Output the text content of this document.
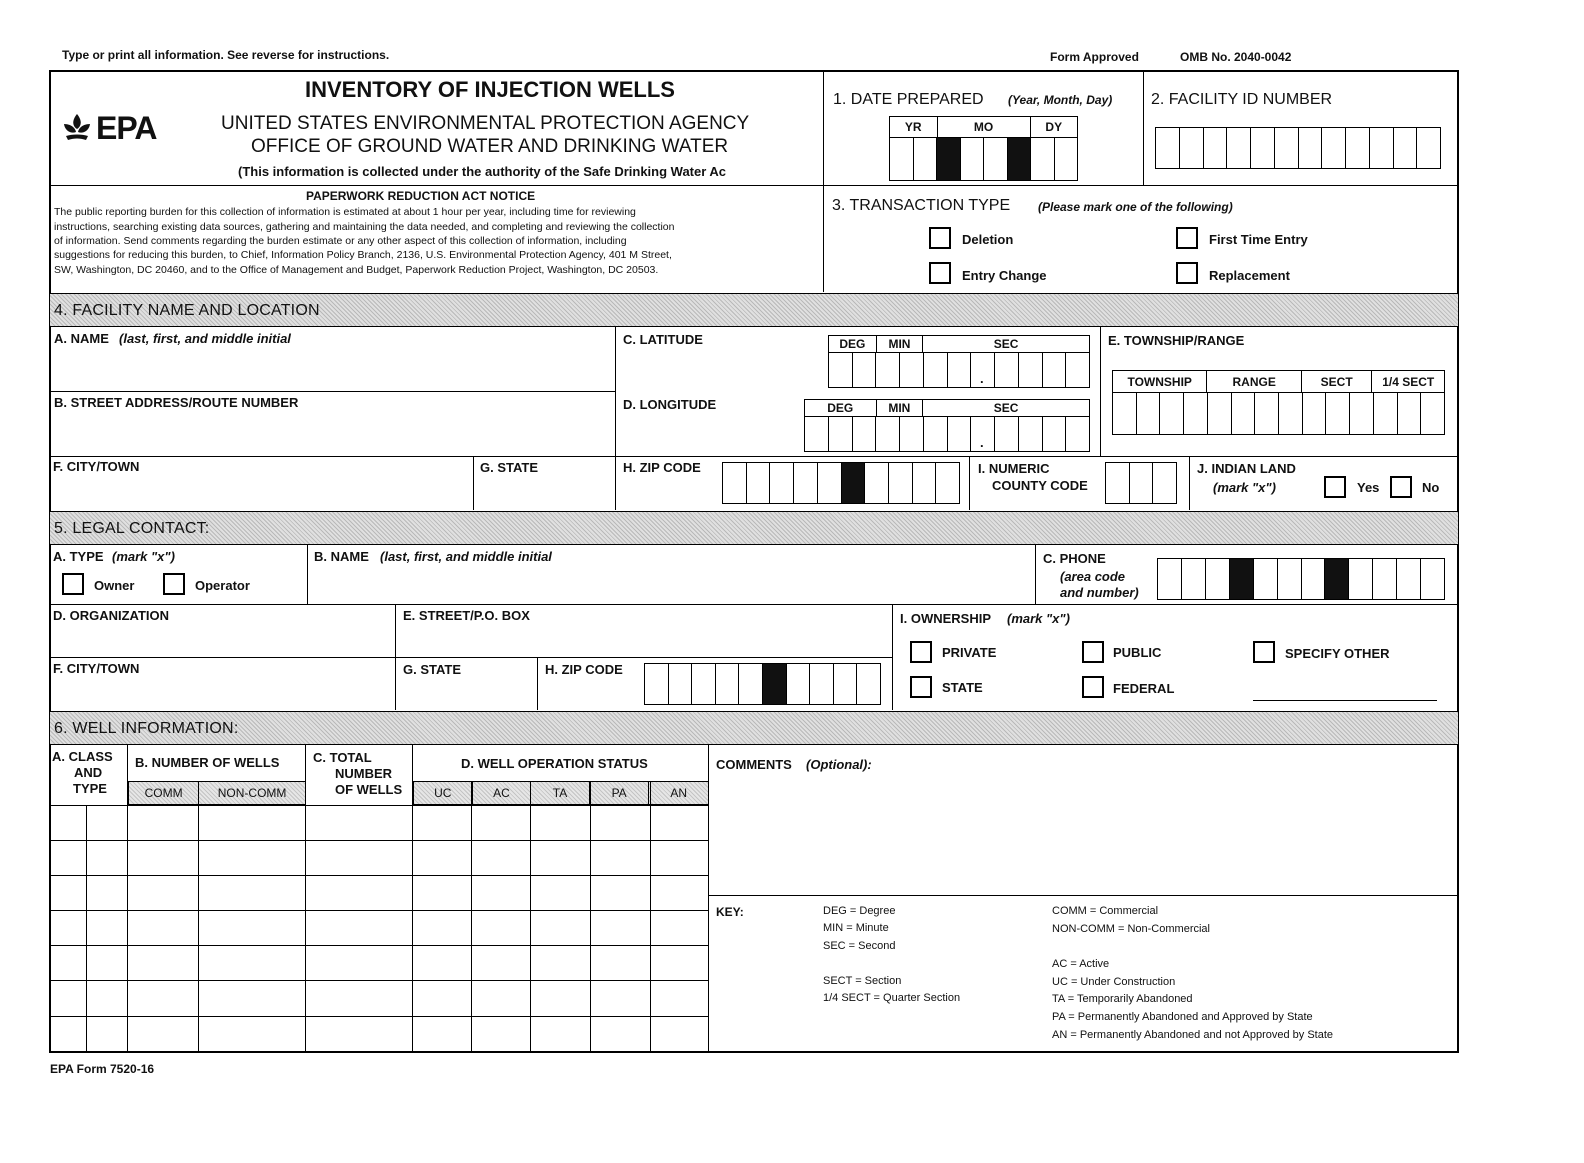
Type or print all information. See reverse for instructions.	Form Approved	OMB No. 2040-0042
EPA
INVENTORY OF INJECTION WELLS
UNITED STATES ENVIRONMENTAL PROTECTION AGENCY
OFFICE OF GROUND WATER AND DRINKING WATER
(This information is collected under the authority of the Safe Drinking Water Ac
1. DATE PREPARED (Year, Month, Day)
YR	MO	DY
2. FACILITY ID NUMBER
PAPERWORK REDUCTION ACT NOTICE
The public reporting burden for this collection of information is estimated at about 1 hour per year, including time for reviewing
instructions, searching existing data sources, gathering and maintaining the data needed, and completing and reviewing the collection
of information. Send comments regarding the burden estimate or any other aspect of this collection of information, including
suggestions for reducing this burden, to Chief, Information Policy Branch, 2136, U.S. Environmental Protection Agency, 401 M Street,
SW, Washington, DC 20460, and to the Office of Management and Budget, Paperwork Reduction Project, Washington, DC 20503.
3. TRANSACTION TYPE (Please mark one of the following)
Deletion
Entry Change
First Time Entry
Replacement
4. FACILITY NAME AND LOCATION
A. NAME (last, first, and middle initial
B. STREET ADDRESS/ROUTE NUMBER
C. LATITUDE	DEG	MIN	SEC
.
D. LONGITUDE	DEG	MIN	SEC
.
E. TOWNSHIP/RANGE
TOWNSHIP	RANGE	SECT	1/4 SECT
F. CITY/TOWN	G. STATE	H. ZIP CODE	I. NUMERIC
COUNTY CODE
J. INDIAN LAND
(mark "x")	Yes	No
5. LEGAL CONTACT:
A. TYPE (mark "x")
Owner	Operator
B. NAME (last, first, and middle initial	C. PHONE
(area code
and number)
D. ORGANIZATION	E. STREET/P.O. BOX
F. CITY/TOWN	G. STATE	H. ZIP CODE
I. OWNERSHIP (mark "x")
PRIVATE	PUBLIC	SPECIFY OTHER
STATE	FEDERAL
6. WELL INFORMATION:
A. CLASS
AND
TYPE
B. NUMBER OF WELLS	C. TOTAL
NUMBER
OF WELLS
D. WELL OPERATION STATUS
COMM	NON-COMM	UC	AC	TA	PA	AN
COMMENTS (Optional):
KEY:	DEG = Degree
MIN = Minute
SEC = Second
SECT = Section
1/4 SECT = Quarter Section
COMM = Commercial
NON-COMM = Non-Commercial
AC = Active
UC = Under Construction
TA = Temporarily Abandoned
PA = Permanently Abandoned and Approved by State
AN = Permanently Abandoned and not Approved by State
EPA Form 7520-16
